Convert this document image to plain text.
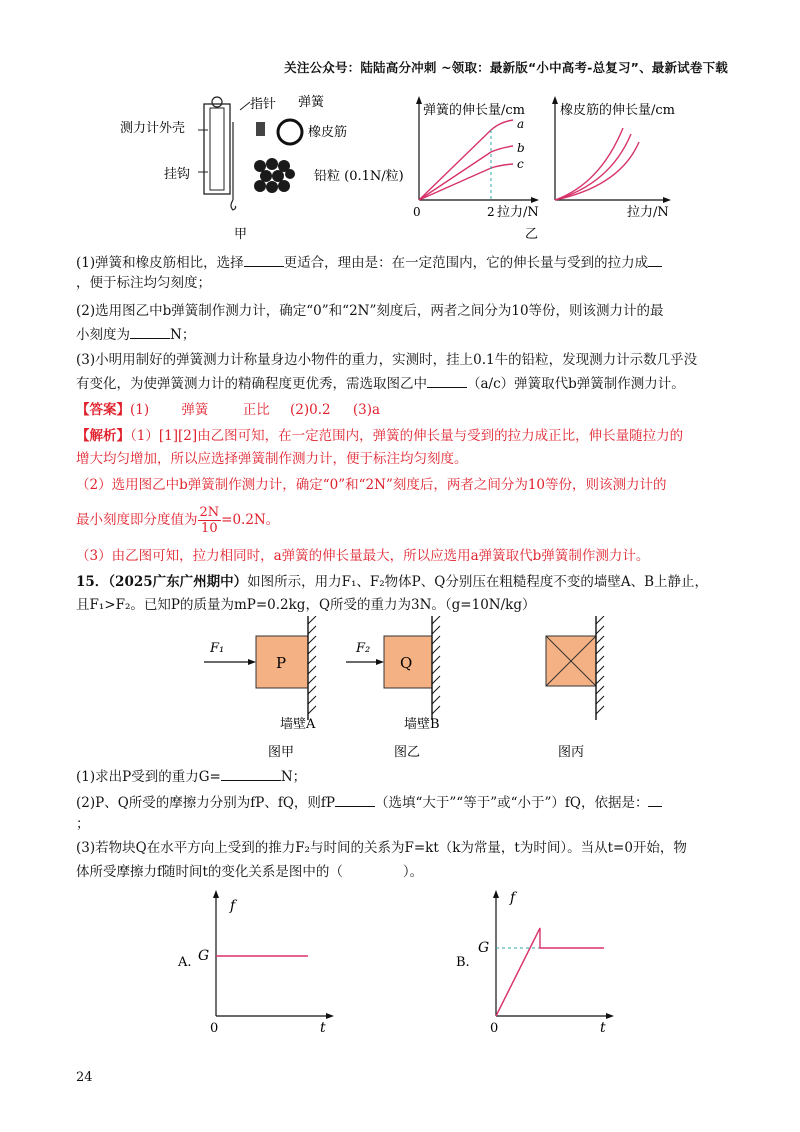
关注公众号：陆陆高分冲刺 ~领取：最新版“小中高考-总复习”、最新试卷下载
测力计外壳
指针 弹簧
橡皮筋
挂钩	铅粒 (0.1N/粒)
甲
弹簧的伸长量/cm
a
b
c
0	2 拉力/N
橡皮筋的伸长量/cm
拉力/N
乙
(1)弹簧和橡皮筋相比，选择	更适合，理由是：在一定范围内，它的伸长量与受到的拉力成
，便于标注均匀刻度；
(2)选用图乙中b弹簧制作测力计，确定“0”和“2N”刻度后，两者之间分为10等份，则该测力计的最
小刻度为	N；
(3)小明用制好的弹簧测力计称量身边小物件的重力，实测时，挂上0.1牛的铅粒，发现测力计示数几乎没
有变化，为使弹簧测力计的精确程度更优秀，需选取图乙中	（a/c）弹簧取代b弹簧制作测力计。
【答案】(1) 弹簧	正比 (2)0.2 (3)a
【解析】（1）[1][2]由乙图可知，在一定范围内，弹簧的伸长量与受到的拉力成正比，伸长量随拉力的
增大均匀增加，所以应选择弹簧制作测力计，便于标注均匀刻度。
（2）选用图乙中b弹簧制作测力计，确定“0”和“2N”刻度后，两者之间分为10等份，则该测力计的
最小刻度即分度值为 $\frac{2N}{10} =0.2N$。
（3）由乙图可知，拉力相同时，a弹簧的伸长量最大，所以应选用a弹簧取代b弹簧制作测力计。
15．（2025广东广州期中）如图所示，用力F₁、F₂物体P、Q分别压在粗糙程度不变的墙壁A、B上静止，
且F₁>F₂。已知P的质量为mP=0.2kg，Q所受的重力为3N。（g=10N/kg）
F₁
P
墙壁A
图甲
F₂
Q
墙壁B
图乙	图丙
(1)求出P受到的重力G=	N；
(2)P、Q所受的摩擦力分别为fP、fQ，则fP	（选填“大于”“等于”或“小于”）fQ，依据是：
；
(3)若物块Q在水平方向上受到的推力F₂与时间的关系为F=kt（k为常量，t为时间）。当从t=0开始，物
体所受摩擦力f随时间t的变化关系是图中的（	）。
f
G
0	t
A.
f
G
0	t
B.
24
